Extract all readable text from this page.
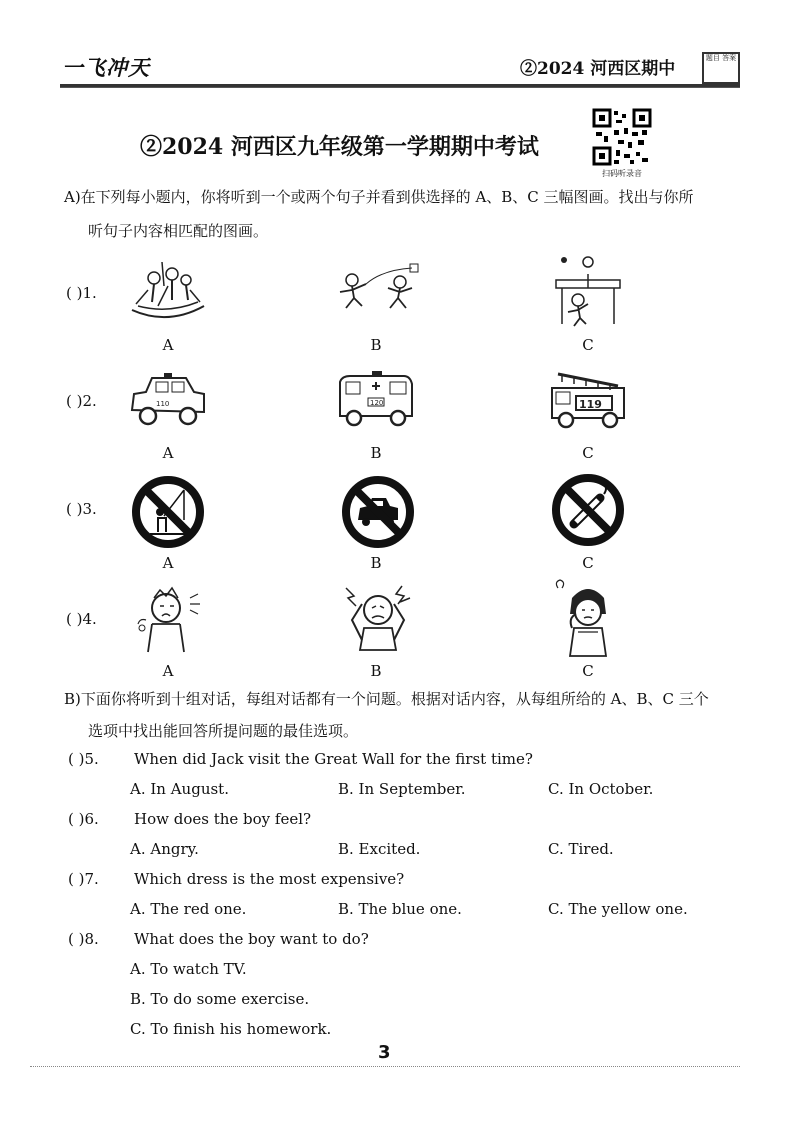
一飞冲天	②2024 河西区期中
题目 答案
②2024 河西区九年级第一学期期中考试
扫码听录音
A)在下列每小题内，你将听到一个或两个句子并看到供选择的 A、B、C 三幅图画。找出与你所
听句子内容相匹配的图画。
( )1.
A	B	C
( )2.	110
A
120
B
119
C
( )3.
A	B	C
( )4.
A	B	C
B)下面你将听到十组对话，每组对话都有一个问题。根据对话内容，从每组所给的 A、B、C 三个
选项中找出能回答所提问题的最佳选项。
( )5. When did Jack visit the Great Wall for the first time?
A. In August.	B. In September.	C. In October.
( )6. How does the boy feel?
A. Angry.	B. Excited.	C. Tired.
( )7. Which dress is the most expensive?
A. The red one.	B. The blue one.	C. The yellow one.
( )8. What does the boy want to do?
A. To watch TV.
B. To do some exercise.
C. To finish his homework.
3
